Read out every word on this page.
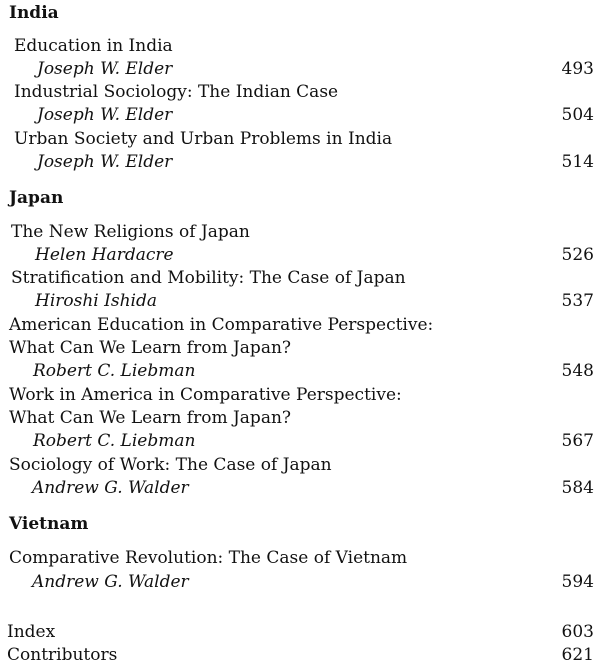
India
Education in India
Joseph W. Elder	493
Industrial Sociology: The Indian Case
Joseph W. Elder	504
Urban Society and Urban Problems in India
Joseph W. Elder	514
Japan
The New Religions of Japan
Helen Hardacre	526
Stratification and Mobility: The Case of Japan
Hiroshi Ishida	537
American Education in Comparative Perspective:
What Can We Learn from Japan?
Robert C. Liebman	548
Work in America in Comparative Perspective:
What Can We Learn from Japan?
Robert C. Liebman	567
Sociology of Work: The Case of Japan
Andrew G. Walder	584
Vietnam
Comparative Revolution: The Case of Vietnam
Andrew G. Walder	594
Index	603
Contributors	621
